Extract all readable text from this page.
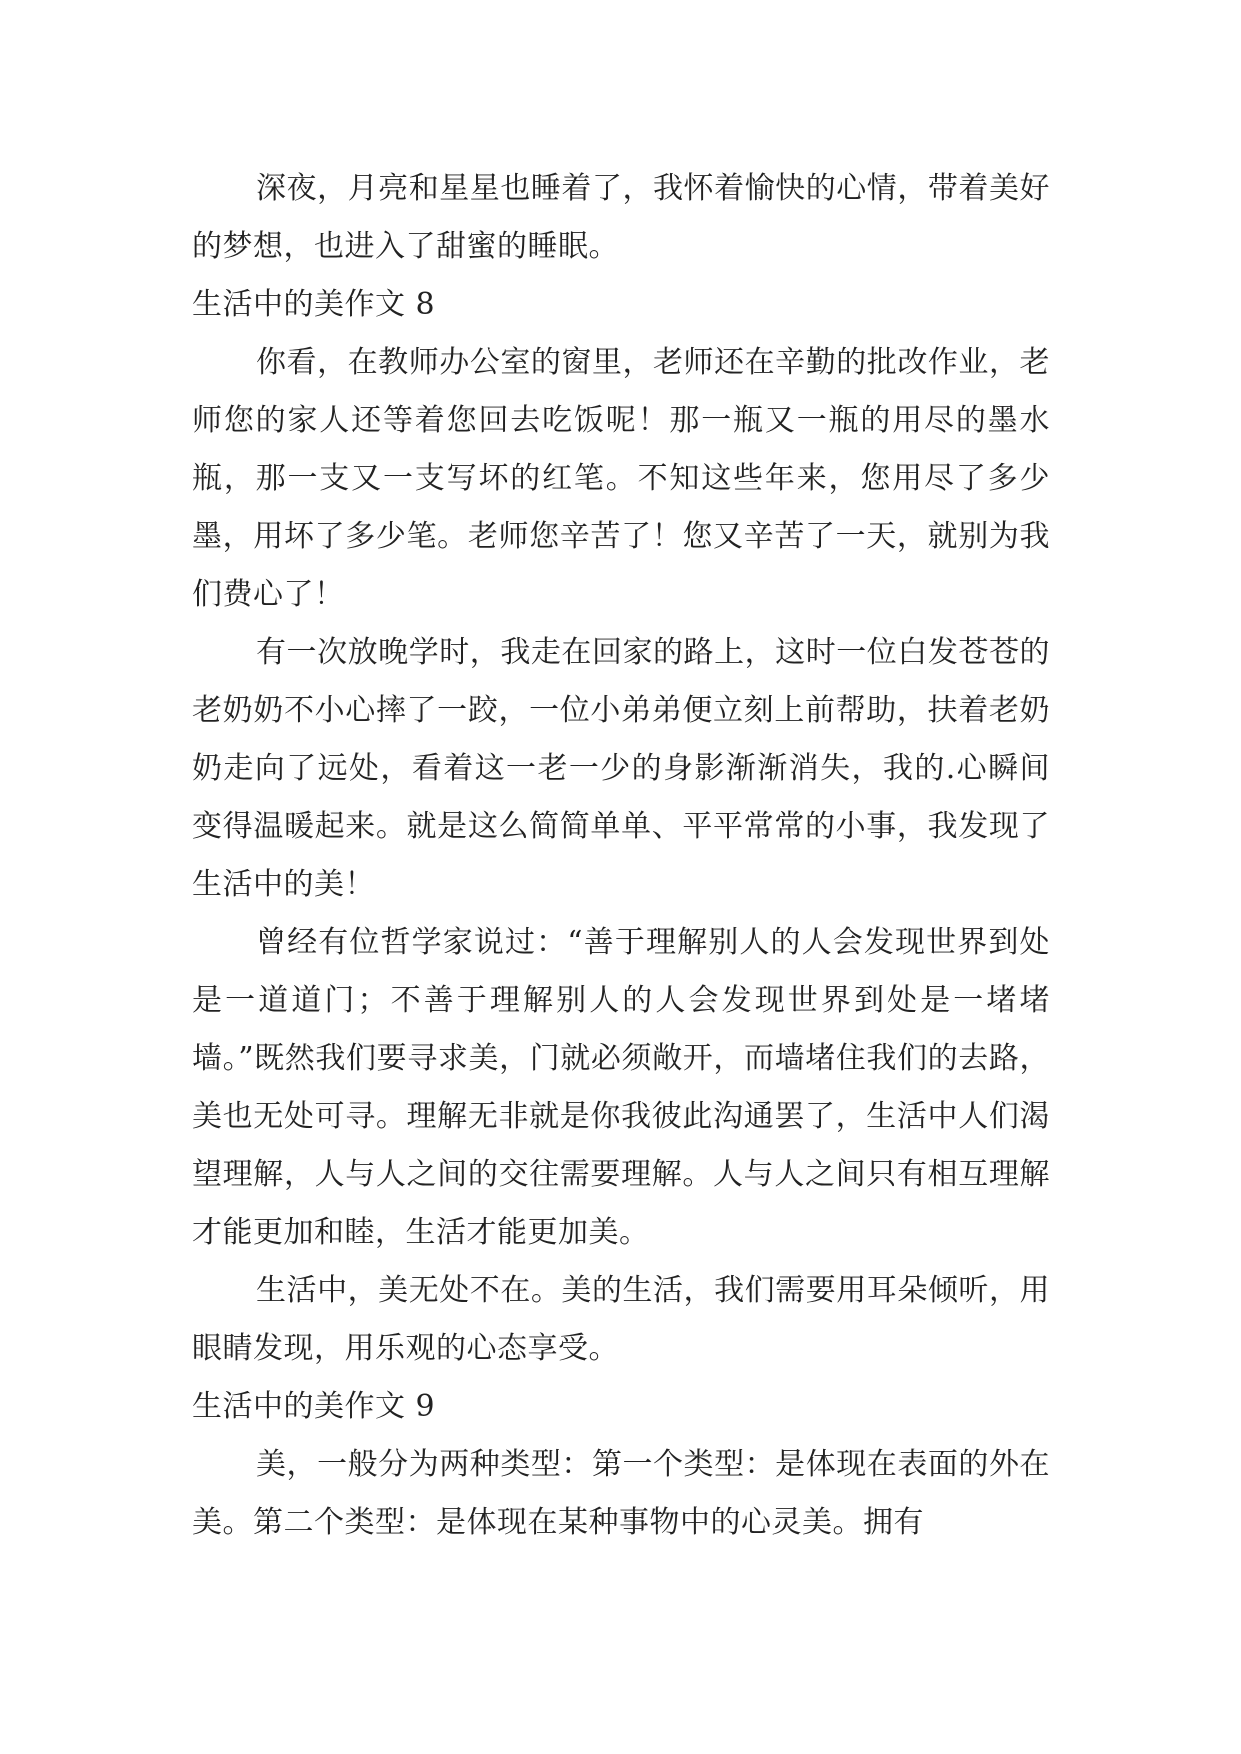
深夜，月亮和星星也睡着了，我怀着愉快的心情，带着美好的梦想，也进入了甜蜜的睡眠。

生活中的美作文 8

你看，在教师办公室的窗里，老师还在辛勤的批改作业，老师您的家人还等着您回去吃饭呢！那一瓶又一瓶的用尽的墨水瓶，那一支又一支写坏的红笔。不知这些年来，您用尽了多少墨，用坏了多少笔。老师您辛苦了！您又辛苦了一天，就别为我们费心了！

有一次放晚学时，我走在回家的路上，这时一位白发苍苍的老奶奶不小心摔了一跤，一位小弟弟便立刻上前帮助，扶着老奶奶走向了远处，看着这一老一少的身影渐渐消失，我的.心瞬间变得温暖起来。就是这么简简单单、平平常常的小事，我发现了生活中的美！

曾经有位哲学家说过：“善于理解别人的人会发现世界到处是一道道门；不善于理解别人的人会发现世界到处是一堵堵墙。”既然我们要寻求美，门就必须敞开，而墙堵住我们的去路，美也无处可寻。理解无非就是你我彼此沟通罢了，生活中人们渴望理解，人与人之间的交往需要理解。人与人之间只有相互理解才能更加和睦，生活才能更加美。

生活中，美无处不在。美的生活，我们需要用耳朵倾听，用眼睛发现，用乐观的心态享受。

生活中的美作文 9

美，一般分为两种类型：第一个类型：是体现在表面的外在美。第二个类型：是体现在某种事物中的心灵美。拥有
